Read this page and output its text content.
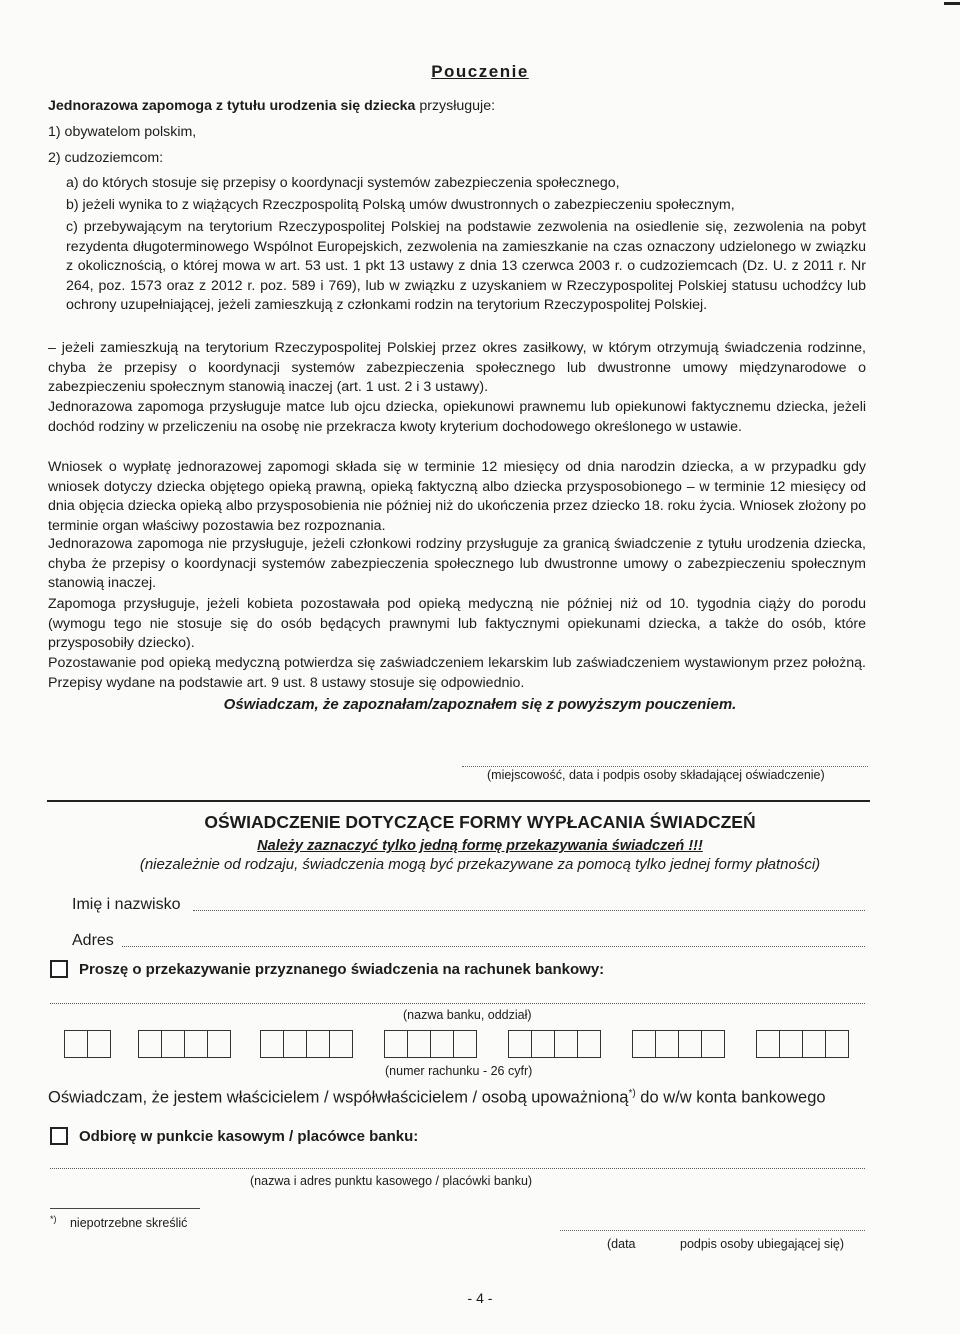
Pouczenie
Jednorazowa zapomoga z tytułu urodzenia się dziecka przysługuje:
1) obywatelom polskim,
2) cudzoziemcom:
a) do których stosuje się przepisy o koordynacji systemów zabezpieczenia społecznego,
b) jeżeli wynika to z wiążących Rzeczpospolitą Polską umów dwustronnych o zabezpieczeniu społecznym,
c) przebywającym na terytorium Rzeczypospolitej Polskiej na podstawie zezwolenia na osiedlenie się, zezwolenia na pobyt rezydenta długoterminowego Wspólnot Europejskich, zezwolenia na zamieszkanie na czas oznaczony udzielonego w związku z okolicznością, o której mowa w art. 53 ust. 1 pkt 13 ustawy z dnia 13 czerwca 2003 r. o cudzoziemcach (Dz. U. z 2011 r. Nr 264, poz. 1573 oraz z 2012 r. poz. 589 i 769), lub w związku z uzyskaniem w Rzeczypospolitej Polskiej statusu uchodźcy lub ochrony uzupełniającej, jeżeli zamieszkują z członkami rodzin na terytorium Rzeczypospolitej Polskiej.
– jeżeli zamieszkują na terytorium Rzeczypospolitej Polskiej przez okres zasiłkowy, w którym otrzymują świadczenia rodzinne, chyba że przepisy o koordynacji systemów zabezpieczenia społecznego lub dwustronne umowy międzynarodowe o zabezpieczeniu społecznym stanowią inaczej (art. 1 ust. 2 i 3 ustawy).
Jednorazowa zapomoga przysługuje matce lub ojcu dziecka, opiekunowi prawnemu lub opiekunowi faktycznemu dziecka, jeżeli dochód rodziny w przeliczeniu na osobę nie przekracza kwoty kryterium dochodowego określonego w ustawie.
Wniosek o wypłatę jednorazowej zapomogi składa się w terminie 12 miesięcy od dnia narodzin dziecka, a w przypadku gdy wniosek dotyczy dziecka objętego opieką prawną, opieką faktyczną albo dziecka przysposobionego – w terminie 12 miesięcy od dnia objęcia dziecka opieką albo przysposobienia nie później niż do ukończenia przez dziecko 18. roku życia. Wniosek złożony po terminie organ właściwy pozostawia bez rozpoznania.
Jednorazowa zapomoga nie przysługuje, jeżeli członkowi rodziny przysługuje za granicą świadczenie z tytułu urodzenia dziecka, chyba że przepisy o koordynacji systemów zabezpieczenia społecznego lub dwustronne umowy o zabezpieczeniu społecznym stanowią inaczej.
Zapomoga przysługuje, jeżeli kobieta pozostawała pod opieką medyczną nie później niż od 10. tygodnia ciąży do porodu (wymogu tego nie stosuje się do osób będących prawnymi lub faktycznymi opiekunami dziecka, a także do osób, które przysposobiły dziecko).
Pozostawanie pod opieką medyczną potwierdza się zaświadczeniem lekarskim lub zaświadczeniem wystawionym przez położną. Przepisy wydane na podstawie art. 9 ust. 8 ustawy stosuje się odpowiednio.
Oświadczam, że zapoznałam/zapoznałem się z powyższym pouczeniem.
(miejscowość, data i podpis osoby składającej oświadczenie)
OŚWIADCZENIE DOTYCZĄCE FORMY WYPŁACANIA ŚWIADCZEŃ
Należy zaznaczyć tylko jedną formę przekazywania świadczeń !!!
(niezależnie od rodzaju, świadczenia mogą być przekazywane za pomocą tylko jednej formy płatności)
Imię i nazwisko
Adres
Proszę o przekazywanie przyznanego świadczenia na rachunek bankowy:
(nazwa banku, oddział)
(numer rachunku - 26 cyfr)
Oświadczam, że jestem właścicielem / współwłaścicielem / osobą upoważnioną*) do w/w konta bankowego
Odbiorę w punkcie kasowym / placówce banku:
(nazwa i adres punktu kasowego / placówki banku)
*) niepotrzebne skreślić
(data	podpis osoby ubiegającej się)
- 4 -
